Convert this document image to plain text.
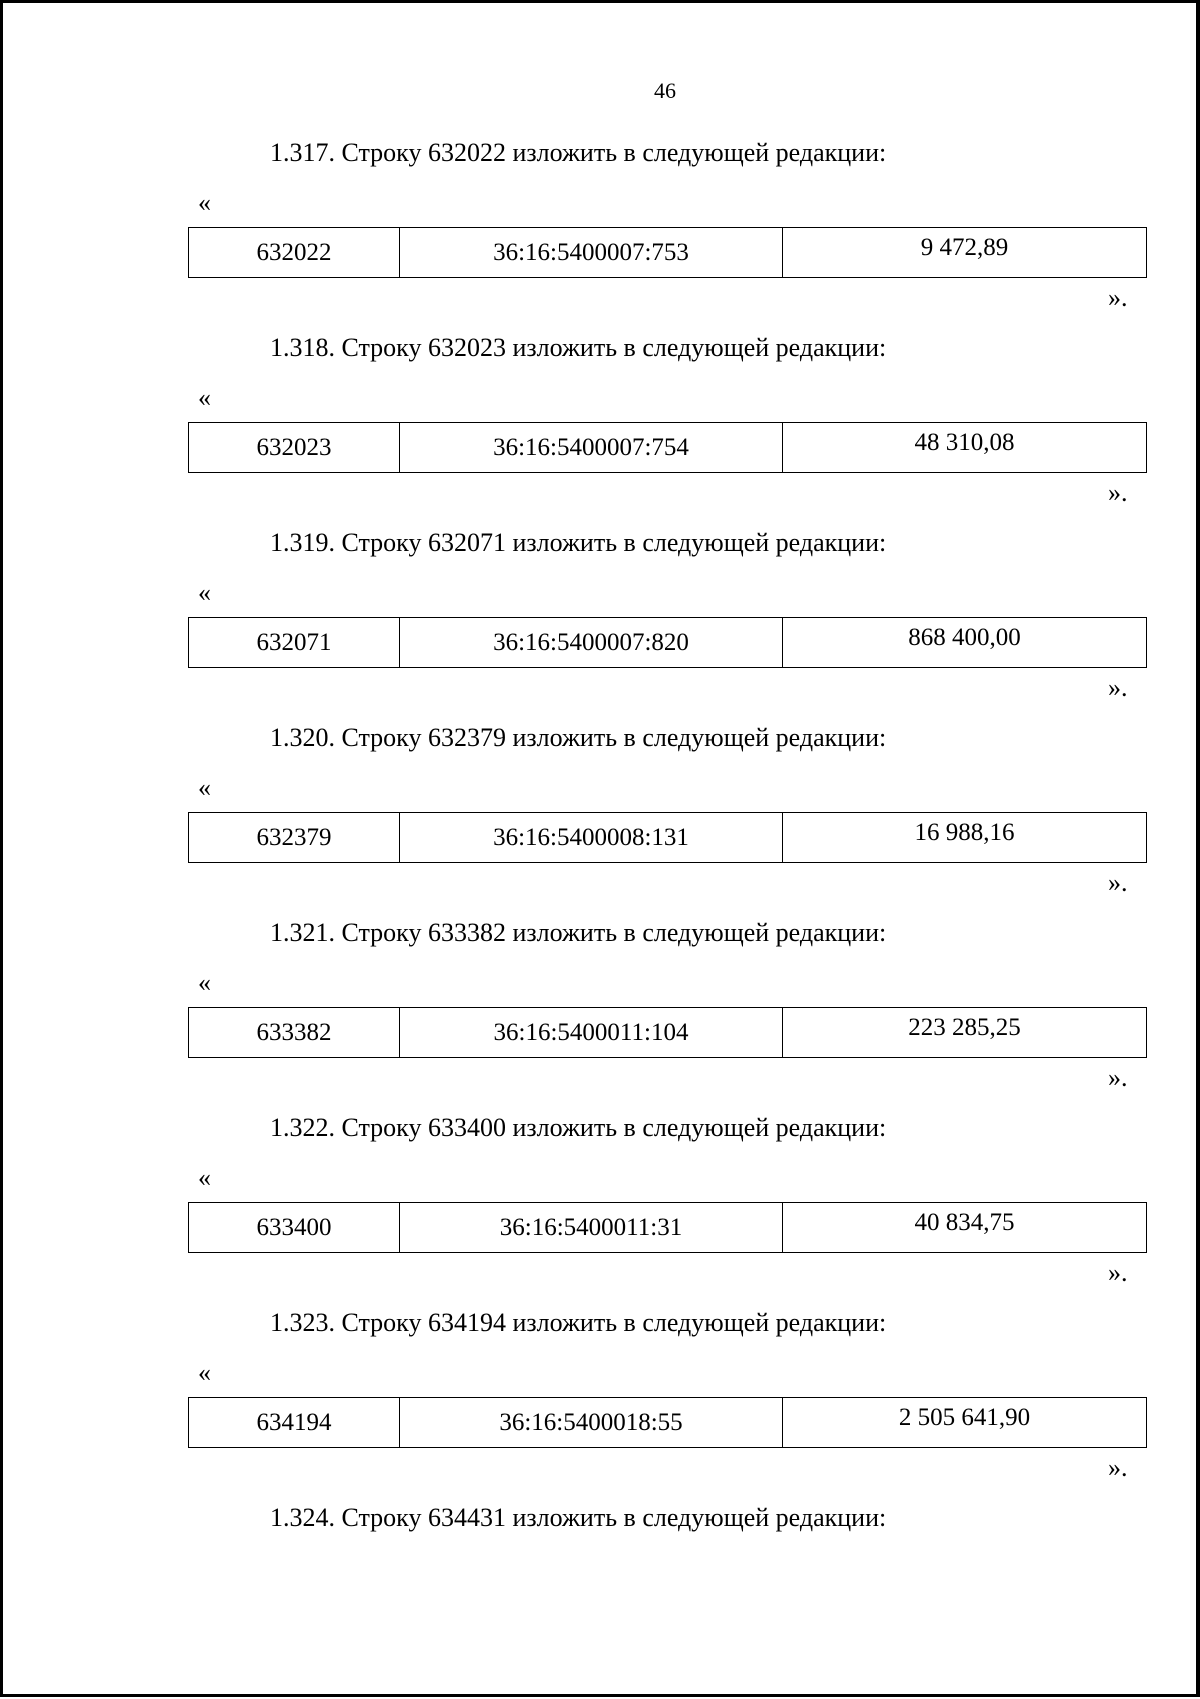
46
1.317. Строку 632022 изложить в следующей редакции:
«
632022	36:16:5400007:753	9 472,89
».
1.318. Строку 632023 изложить в следующей редакции:
«
632023	36:16:5400007:754	48 310,08
».
1.319. Строку 632071 изложить в следующей редакции:
«
632071	36:16:5400007:820	868 400,00
».
1.320. Строку 632379 изложить в следующей редакции:
«
632379	36:16:5400008:131	16 988,16
».
1.321. Строку 633382 изложить в следующей редакции:
«
633382	36:16:5400011:104	223 285,25
».
1.322. Строку 633400 изложить в следующей редакции:
«
633400	36:16:5400011:31	40 834,75
».
1.323. Строку 634194 изложить в следующей редакции:
«
634194	36:16:5400018:55	2 505 641,90
».
1.324. Строку 634431 изложить в следующей редакции:
